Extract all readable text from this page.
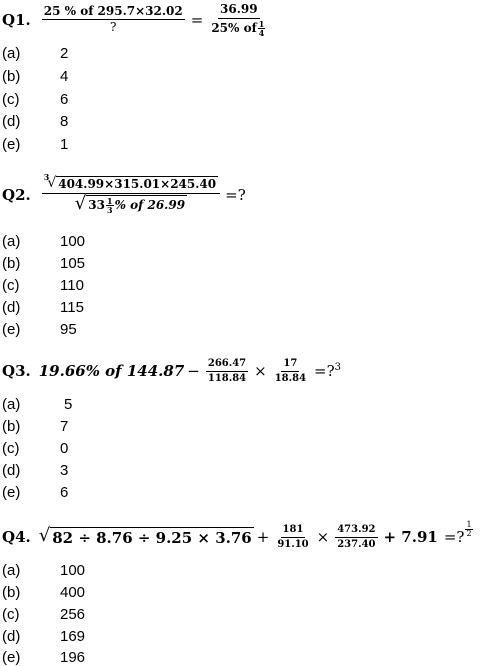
Q1. $\frac{25 \% of 295.7\times 32.02}{?} = \frac{36.99}{25\% of \frac{1}{4}}$
(a)	2
(b)	4
(c)	6
(d)	8
(e)	1
Q2. $^3$
√ 404.99×315.01×245.40
√ $33 \frac{1}{3}$ % of 26.99 =?
(a)	100
(b)	105
(c)	110
(d)	115
(e)	95
Q3. 19.66% of $144.87 - \frac{266.47}{118.84} \times \frac{17}{18.84}$ =?$^3$
(a)	5
(b)	7
(c)	0
(d)	3
(e)	6
Q4. √ $82 \div 8.76 \div 9.25 \times 3.76 + \frac{181}{91.10} \times \frac{473.92}{237.40} + 7.91$ =? $\frac{1}{2}$
(a)	100
(b)	400
(c)	256
(d)	169
(e)	196
